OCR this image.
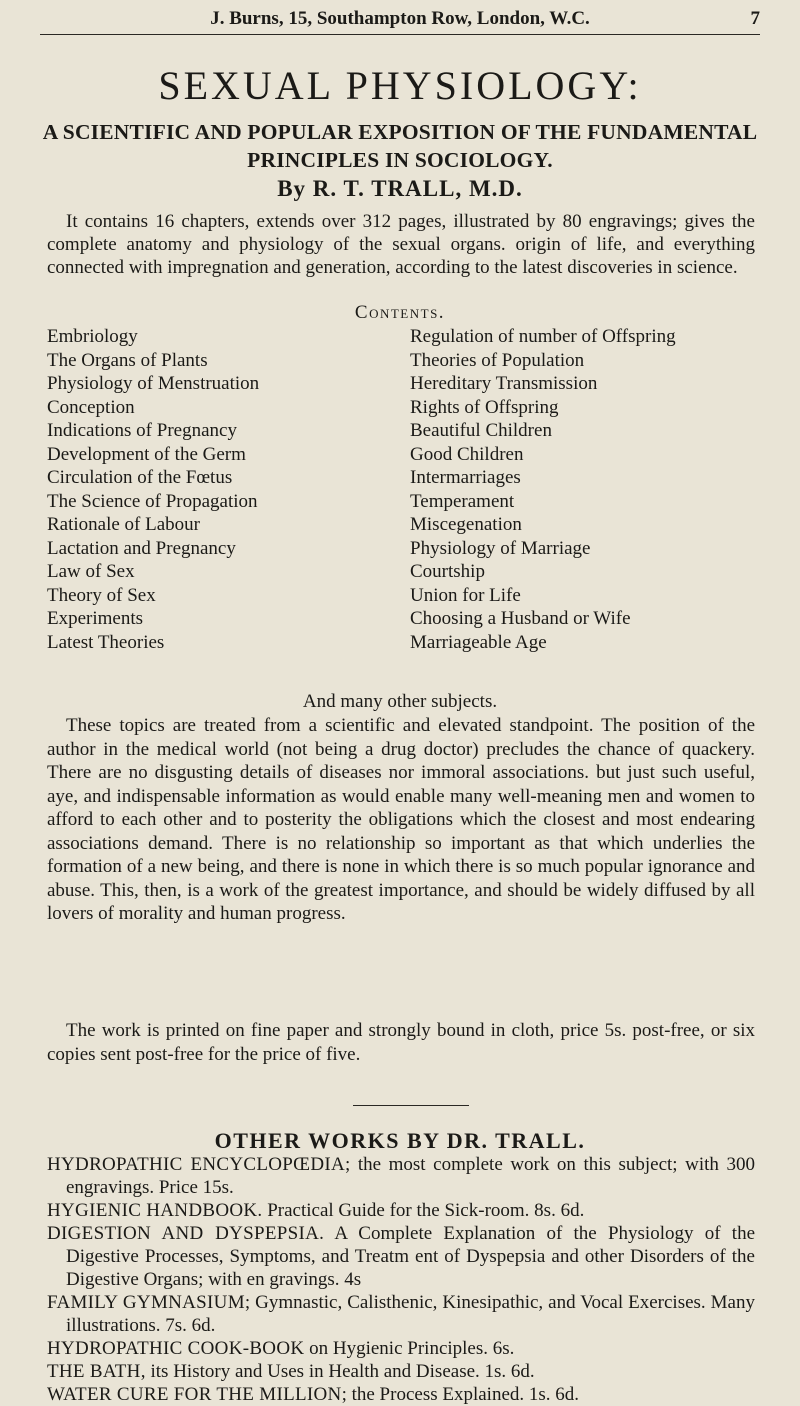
J. Burns, 15, Southampton Row, London, W.C.	7
SEXUAL PHYSIOLOGY:
A SCIENTIFIC AND POPULAR EXPOSITION OF THE FUNDAMENTAL PRINCIPLES IN SOCIOLOGY.
By R. T. TRALL, M.D.

It contains 16 chapters, extends over 312 pages, illustrated by 80 engravings; gives the complete anatomy and physiology of the sexual organs. origin of life, and everything connected with impregnation and generation, according to the latest discoveries in science.

Contents.
Embriology
The Organs of Plants
Physiology of Menstruation
Conception
Indications of Pregnancy
Development of the Germ
Circulation of the Fœtus
The Science of Propagation
Rationale of Labour
Lactation and Pregnancy
Law of Sex
Theory of Sex
Experiments
Latest Theories
Regulation of number of Offspring
Theories of Population
Hereditary Transmission
Rights of Offspring
Beautiful Children
Good Children
Intermarriages
Temperament
Miscegenation
Physiology of Marriage
Courtship
Union for Life
Choosing a Husband or Wife
Marriageable Age
And many other subjects.

These topics are treated from a scientific and elevated standpoint. The position of the author in the medical world (not being a drug doctor) precludes the chance of quackery. There are no disgusting details of diseases nor immoral associations. but just such useful, aye, and indispensable information as would enable many well-meaning men and women to afford to each other and to posterity the obligations which the closest and most endearing associations demand. There is no relationship so important as that which underlies the formation of a new being, and there is none in which there is so much popular ignorance and abuse. This, then, is a work of the greatest importance, and should be widely diffused by all lovers of morality and human progress.

The work is printed on fine paper and strongly bound in cloth, price 5s. post-free, or six copies sent post-free for the price of five.

OTHER WORKS BY DR. TRALL.

HYDROPATHIC ENCYCLOPŒDIA; the most complete work on this subject; with 300 engravings. Price 15s.

HYGIENIC HANDBOOK. Practical Guide for the Sick-room. 8s. 6d.

DIGESTION AND DYSPEPSIA. A Complete Explanation of the Physiology of the Digestive Processes, Symptoms, and Treatm ent of Dyspepsia and other Disorders of the Digestive Organs; with en gravings. 4s

FAMILY GYMNASIUM; Gymnastic, Calisthenic, Kinesipathic, and Vocal Exercises. Many illustrations. 7s. 6d.

HYDROPATHIC COOK-BOOK on Hygienic Principles. 6s.

THE BATH, its History and Uses in Health and Disease. 1s. 6d.

WATER CURE FOR THE MILLION; the Process Explained. 1s. 6d.
